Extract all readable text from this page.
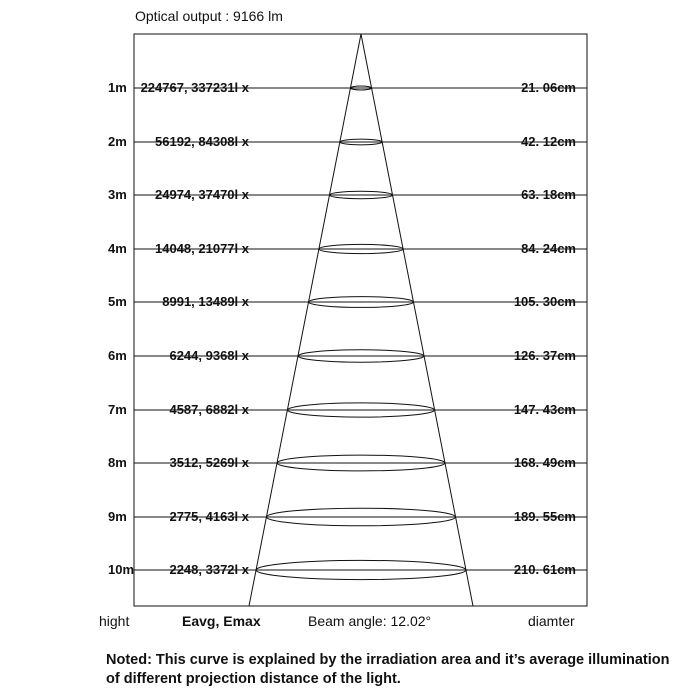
Optical output : 9166 lm
1m	224767, 337231l x	21. 06cm
2m	56192, 84308l x	42. 12cm
3m	24974, 37470l x	63. 18cm
4m	14048, 21077l x	84. 24cm
5m	8991, 13489l x	105. 30cm
6m	6244, 9368l x	126. 37cm
7m	4587, 6882l x	147. 43cm
8m	3512, 5269l x	168. 49cm
9m	2775, 4163l x	189. 55cm
10m	2248, 3372l x	210. 61cm
hight	Eavg, Emax	Beam angle: 12.02°	diamter
Noted: This curve is explained by the irradiation area and it’s average illumination of different projection distance of the light.
